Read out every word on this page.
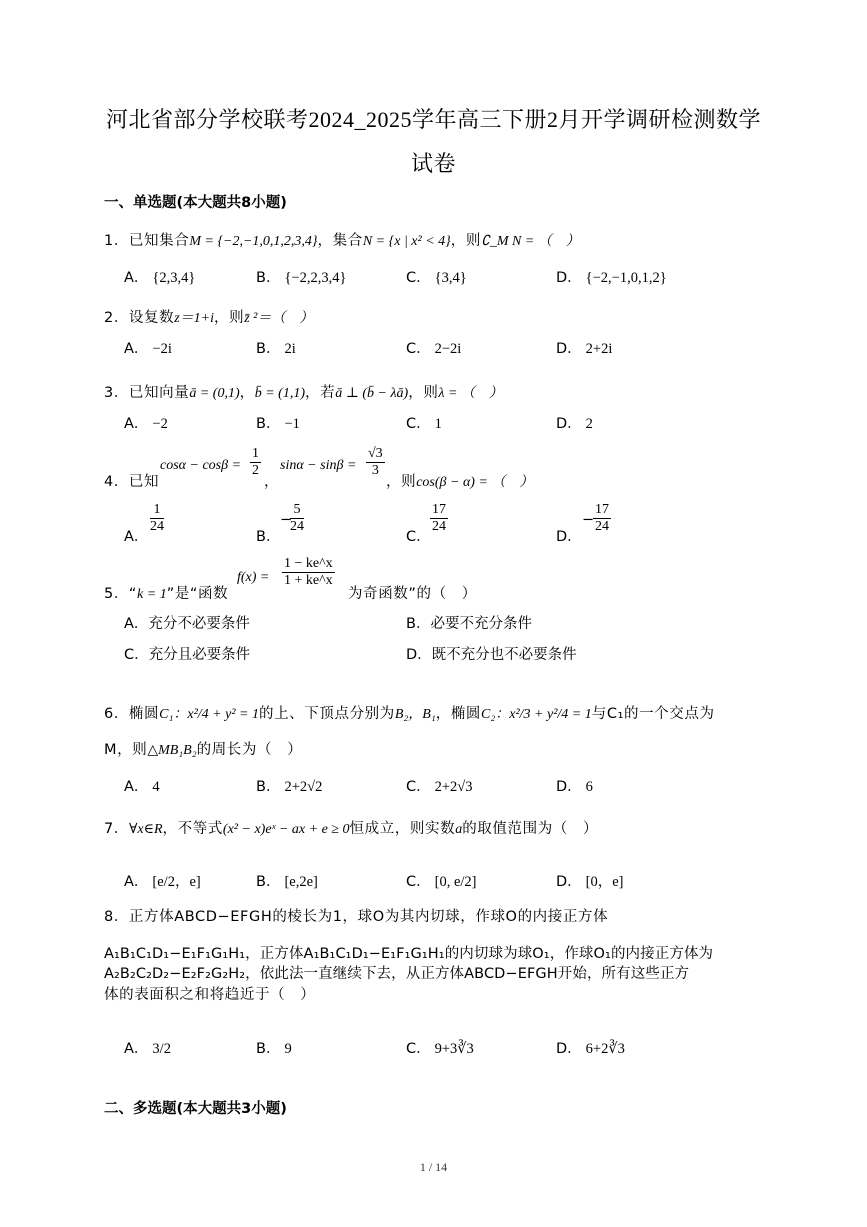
河北省部分学校联考2024_2025学年高三下册2月开学调研检测数学
试卷
一、单选题(本大题共8小题)
1．已知集合M = {−2,−1,0,1,2,3,4}，集合N = {x | x² < 4}，则∁_M N = （　）
A． {2,3,4}	B． {−2,2,3,4}	C． {3,4}	D． {−2,−1,0,1,2}
2．设复数z＝1+i，则z̄ ²＝（　）
A． −2i	B． 2i	C． 2−2i	D． 2+2i
3．已知向量ā = (0,1)，b̄ = (1,1)，若ā ⊥ (b̄ − λā)，则λ = （　）
A． −2	B． −1	C． 1	D． 2
4．已知
$\cos\alpha - \cos\beta = \frac{1}{2}$
，
$\sin\alpha - \sin\beta = \frac{√3}{3}$
，则cos(β − α) = （　）
A．
$\frac{1}{24}$
B．
−
$\frac{5}{24}$
C．
$\frac{17}{24}$
D．
−
$\frac{17}{24}$
5．“k = 1”是“函数
$f(x) = \frac{1 - ke\^{}x}{1 + ke\^{}x}$
为奇函数”的（　）
A．充分不必要条件	B．必要不充分条件
C．充分且必要条件	D．既不充分也不必要条件
6．椭圆C₁：x²/4 + y² = 1的上、下顶点分别为B₂，B₁，椭圆C₂：x²/3 + y²/4 = 1与C₁的一个交点为
M，则△MB₁B₂的周长为（　）
A． 4	B． 2+2√2	C． 2+2√3	D． 6
7．∀x∈R，不等式(x² − x)eˣ − ax + e ≥ 0恒成立，则实数a的取值范围为（　）
A． [e/2，e]	B． [e,2e]	C． [0, e/2]	D． [0，e]
8．正方体ABCD−EFGH的棱长为1，球O为其内切球，作球O的内接正方体
A₁B₁C₁D₁−E₁F₁G₁H₁，正方体A₁B₁C₁D₁−E₁F₁G₁H₁的内切球为球O₁，作球O₁的内接正方体为
A₂B₂C₂D₂−E₂F₂G₂H₂，依此法一直继续下去，从正方体ABCD−EFGH开始，所有这些正方
体的表面积之和将趋近于（　）
A． 3/2	B． 9	C． 9+3∛3	D． 6+2∛3
二、多选题(本大题共3小题)
1 / 14
